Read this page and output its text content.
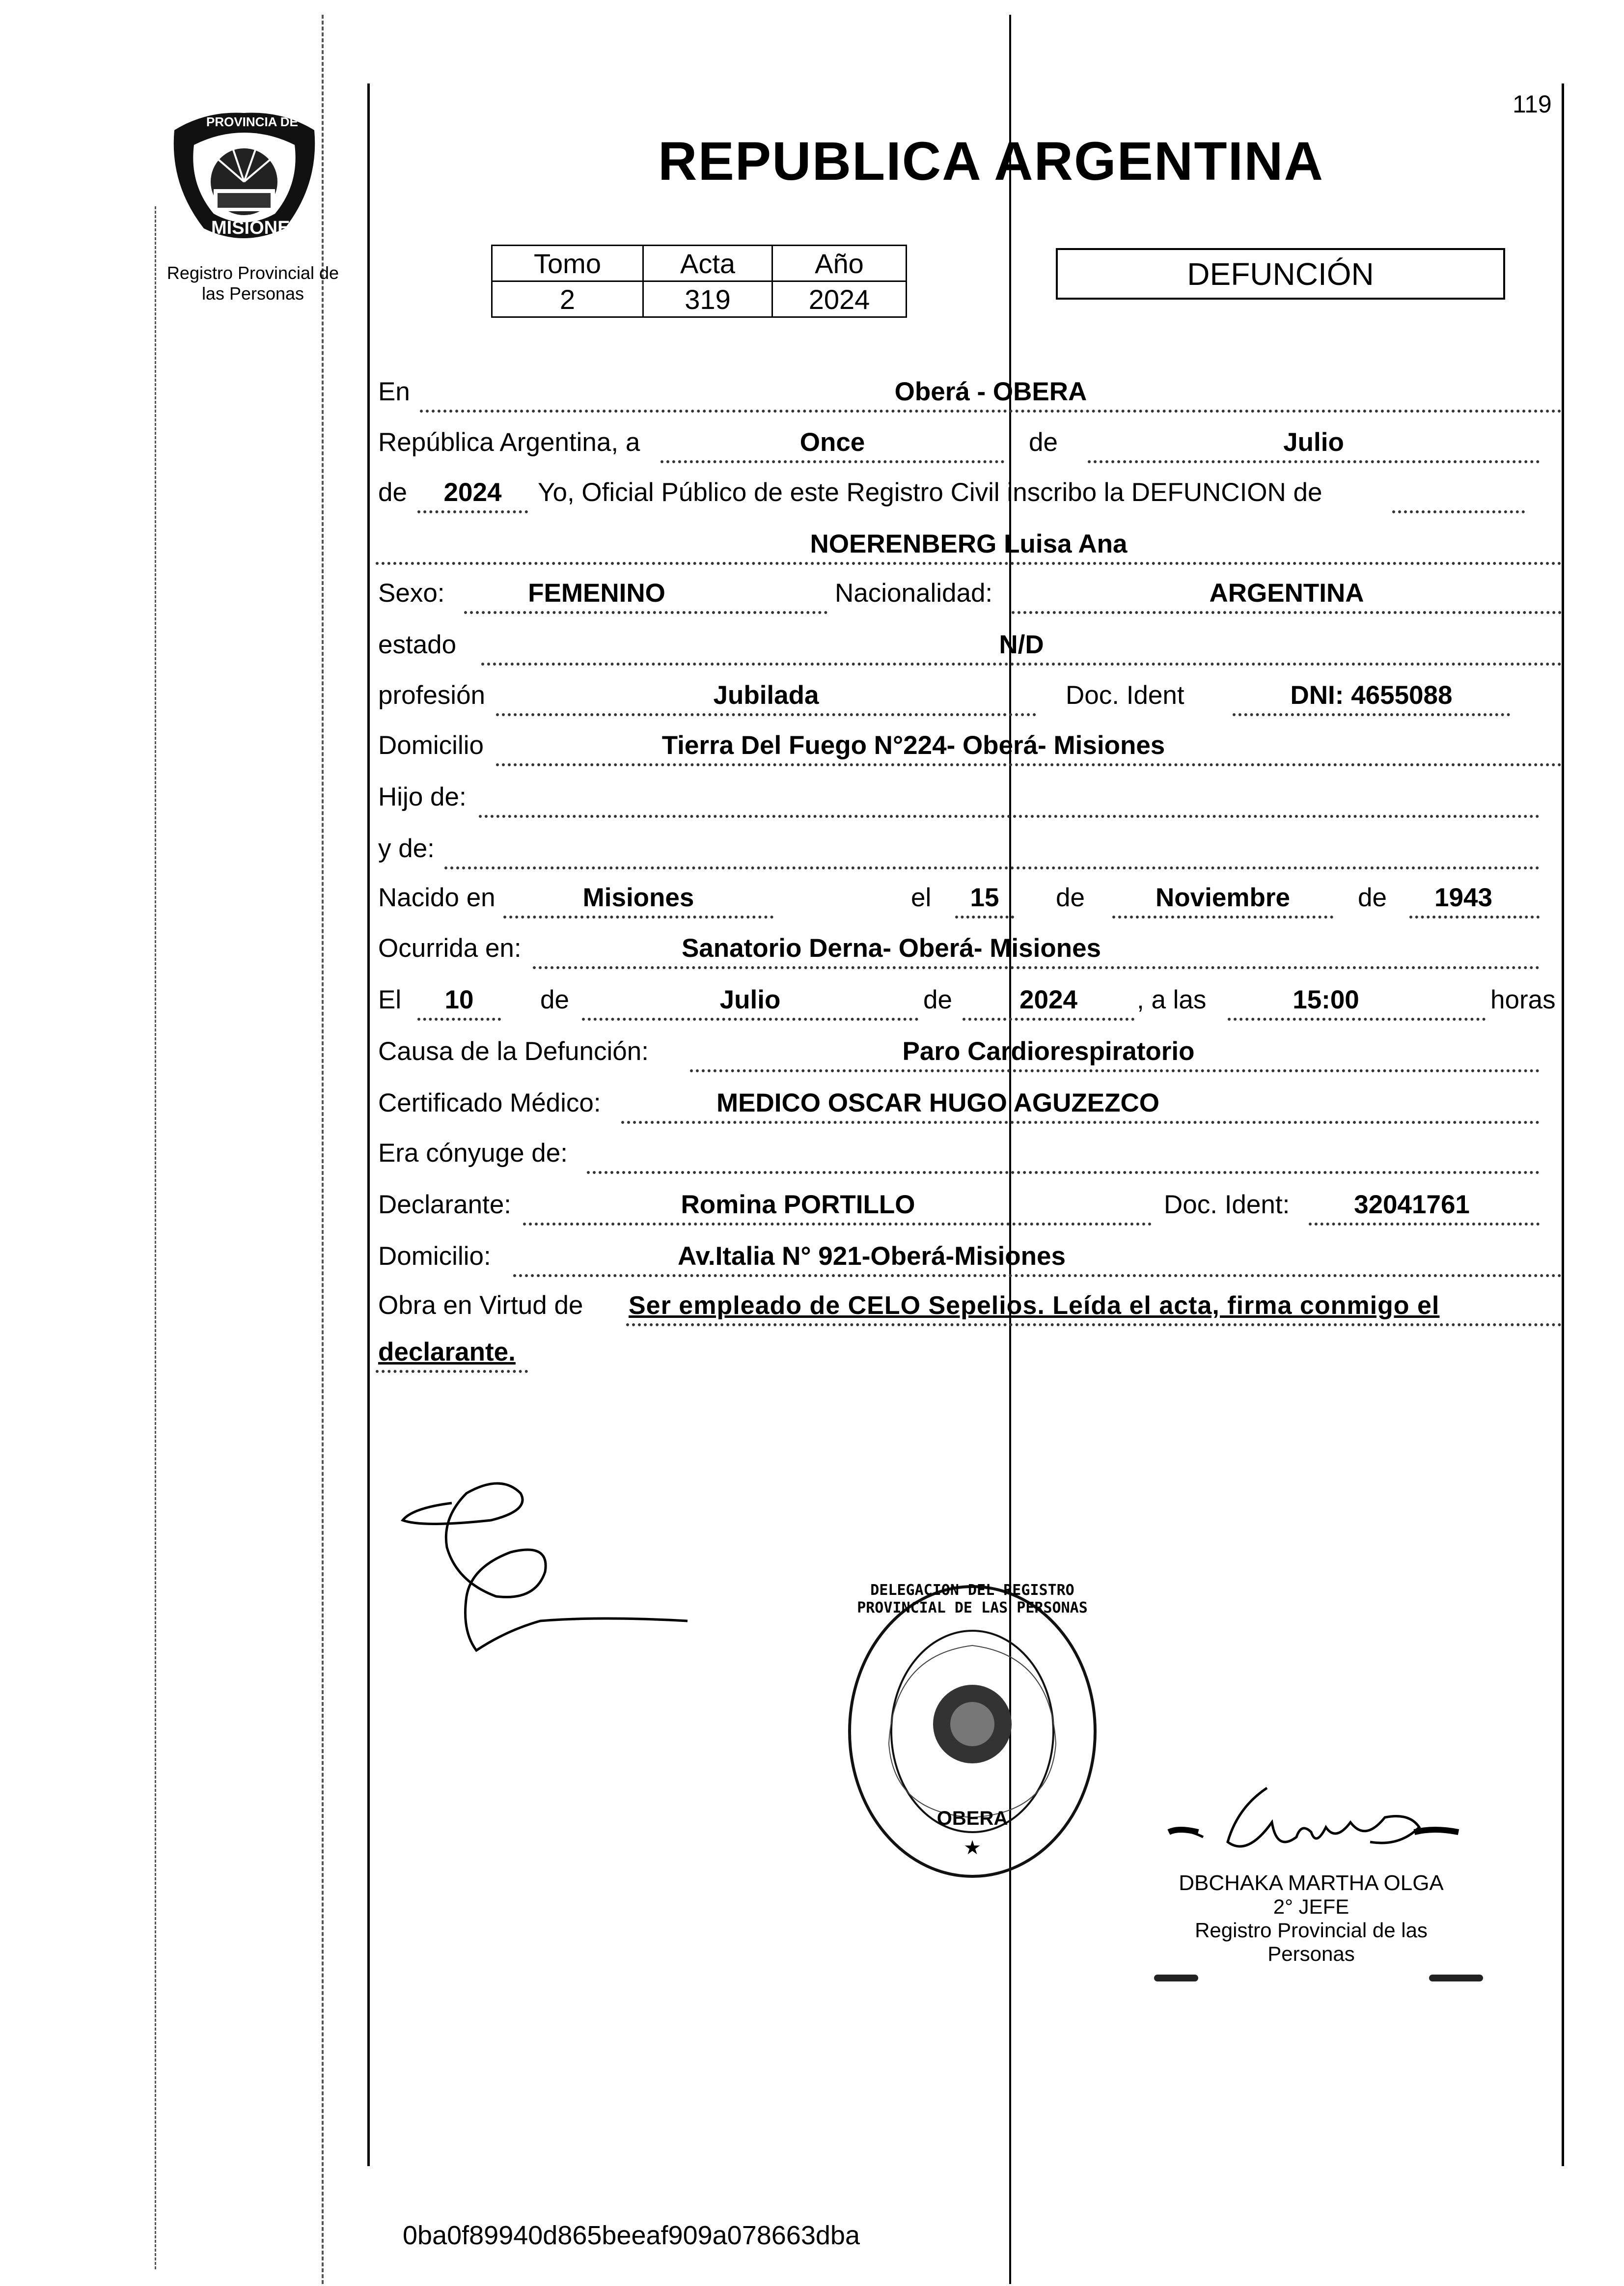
PROVINCIA DE
MISIONES
Registro Provincial de
las Personas
119
REPUBLICA ARGENTINA
Tomo	Acta	Año
2	319	2024
DEFUNCIÓN
En	Oberá - OBERA
República Argentina, a	Once	de	Julio
de	2024	Yo, Oficial Público de este Registro Civil inscribo la DEFUNCION de
NOERENBERG Luisa Ana
Sexo:	FEMENINO	Nacionalidad:	ARGENTINA
estado	N/D
profesión	Jubilada	Doc. Ident	DNI: 4655088
Domicilio	Tierra Del Fuego N°224- Oberá- Misiones
Hijo de:
y de:
Nacido en	Misiones	el	15	de	Noviembre	de	1943
Ocurrida en:	Sanatorio Derna- Oberá- Misiones
El	10	de	Julio	de	2024	, a las	15:00	horas
Causa de la Defunción:	Paro Cardiorespiratorio
Certificado Médico:	MEDICO OSCAR HUGO AGUZEZCO
Era cónyuge de:
Declarante:	Romina PORTILLO	Doc. Ident:	32041761
Domicilio:	Av.Italia N° 921-Oberá-Misiones
Obra en Virtud de Ser empleado de CELO Sepelios. Leída el acta, firma conmigo el
declarante.
★
DELEGACION DEL REGISTRO PROVINCIAL DE LAS PERSONAS
OBERA
DBCHAKA MARTHA OLGA
2° JEFE
Registro Provincial de las Personas
0ba0f89940d865beeaf909a078663dba
